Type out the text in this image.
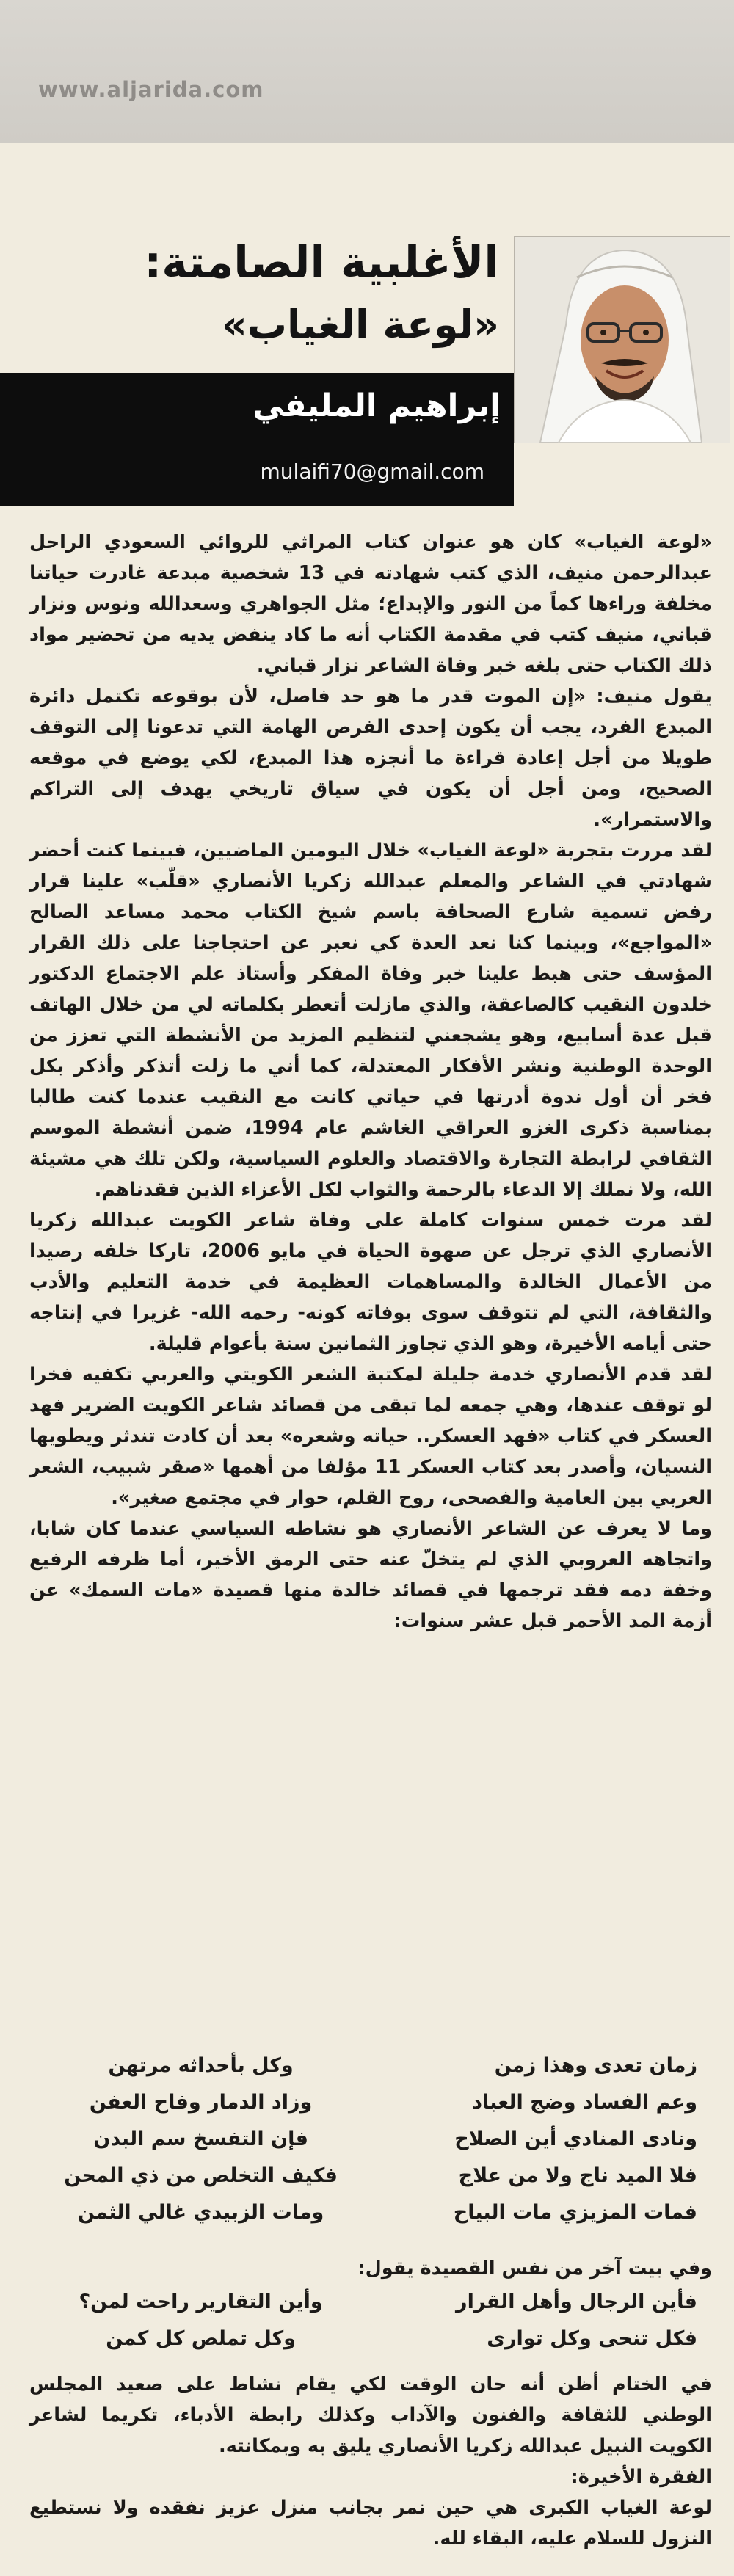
www.aljarida.com
الأغلبية الصامتة:
«لوعة الغياب»
إبراهيم المليفي
mulaifi70@gmail.com

«لوعة الغياب» كان هو عنوان كتاب المراثي للروائي السعودي الراحل عبدالرحمن منيف، الذي كتب شهادته في 13 شخصية مبدعة غادرت حياتنا مخلفة وراءها كماً من النور والإبداع؛ مثل الجواهري وسعدالله ونوس ونزار قباني، منيف كتب في مقدمة الكتاب أنه ما كاد ينفض يديه من تحضير مواد ذلك الكتاب حتى بلغه خبر وفاة الشاعر نزار قباني.

يقول منيف: «إن الموت قدر ما هو حد فاصل، لأن بوقوعه تكتمل دائرة المبدع الفرد، يجب أن يكون إحدى الفرص الهامة التي تدعونا إلى التوقف طويلا من أجل إعادة قراءة ما أنجزه هذا المبدع، لكي يوضع في موقعه الصحيح، ومن أجل أن يكون في سياق تاريخي يهدف إلى التراكم والاستمرار».

لقد مررت بتجربة «لوعة الغياب» خلال اليومين الماضيين، فبينما كنت أحضر شهادتي في الشاعر والمعلم عبدالله زكريا الأنصاري «قلّب» علينا قرار رفض تسمية شارع الصحافة باسم شيخ الكتاب محمد مساعد الصالح «المواجع»، وبينما كنا نعد العدة كي نعبر عن احتجاجنا على ذلك القرار المؤسف حتى هبط علينا خبر وفاة المفكر وأستاذ علم الاجتماع الدكتور خلدون النقيب كالصاعقة، والذي مازلت أتعطر بكلماته لي من خلال الهاتف قبل عدة أسابيع، وهو يشجعني لتنظيم المزيد من الأنشطة التي تعزز من الوحدة الوطنية ونشر الأفكار المعتدلة، كما أني ما زلت أتذكر وأذكر بكل فخر أن أول ندوة أدرتها في حياتي كانت مع النقيب عندما كنت طالبا بمناسبة ذكرى الغزو العراقي الغاشم عام 1994، ضمن أنشطة الموسم الثقافي لرابطة التجارة والاقتصاد والعلوم السياسية، ولكن تلك هي مشيئة الله، ولا نملك إلا الدعاء بالرحمة والثواب لكل الأعزاء الذين فقدناهم.

لقد مرت خمس سنوات كاملة على وفاة شاعر الكويت عبدالله زكريا الأنصاري الذي ترجل عن صهوة الحياة في مايو 2006، تاركا خلفه رصيدا من الأعمال الخالدة والمساهمات العظيمة في خدمة التعليم والأدب والثقافة، التي لم تتوقف سوى بوفاته كونه- رحمه الله- غزيرا في إنتاجه حتى أيامه الأخيرة، وهو الذي تجاوز الثمانين سنة بأعوام قليلة.

لقد قدم الأنصاري خدمة جليلة لمكتبة الشعر الكويتي والعربي تكفيه فخرا لو توقف عندها، وهي جمعه لما تبقى من قصائد شاعر الكويت الضرير فهد العسكر في كتاب «فهد العسكر.. حياته وشعره» بعد أن كادت تندثر ويطويها النسيان، وأصدر بعد كتاب العسكر 11 مؤلفا من أهمها «صقر شبيب، الشعر العربي بين العامية والفصحى، روح القلم، حوار في مجتمع صغير».

وما لا يعرف عن الشاعر الأنصاري هو نشاطه السياسي عندما كان شابا، واتجاهه العروبي الذي لم يتخلّ عنه حتى الرمق الأخير، أما ظرفه الرفيع وخفة دمه فقد ترجمها في قصائد خالدة منها قصيدة «مات السمك» عن أزمة المد الأحمر قبل عشر سنوات:

زمان تعدى وهذا زمن
وكل بأحداثه مرتهن
وعم الفساد وضج العباد
وزاد الدمار وفاح العفن
ونادى المنادي أين الصلاح
فإن التفسخ سم البدن
فلا الميد ناج ولا من علاج
فكيف التخلص من ذي المحن
فمات المزيزي مات البياح
ومات الزبيدي غالي الثمن

وفي بيت آخر من نفس القصيدة يقول:

فأين الرجال وأهل القرار
وأين التقارير راحت لمن؟
فكل تنحى وكل توارى
وكل تملص كل كمن

في الختام أظن أنه حان الوقت لكي يقام نشاط على صعيد المجلس الوطني للثقافة والفنون والآداب وكذلك رابطة الأدباء، تكريما لشاعر الكويت النبيل عبدالله زكريا الأنصاري يليق به وبمكانته.

الفقرة الأخيرة:

لوعة الغياب الكبرى هي حين نمر بجانب منزل عزيز نفقده ولا نستطيع النزول للسلام عليه، البقاء لله.
